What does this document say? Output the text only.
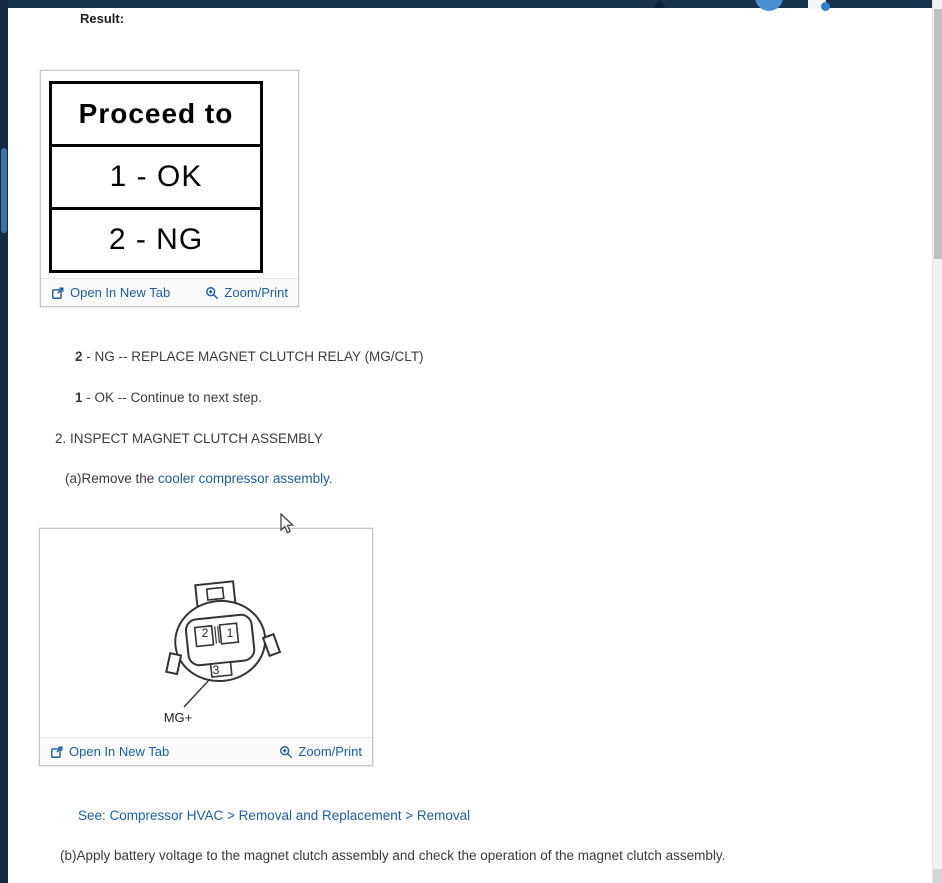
Result:
Proceed to
1 - OK
2 - NG
Open In New Tab	Zoom/Print
2 - NG -- REPLACE MAGNET CLUTCH RELAY (MG/CLT)
1 - OK -- Continue to next step.
2. INSPECT MAGNET CLUTCH ASSEMBLY
(a)Remove the cooler compressor assembly.
2 1
3
MG+
Open In New Tab	Zoom/Print
See: Compressor HVAC > Removal and Replacement > Removal
(b)Apply battery voltage to the magnet clutch assembly and check the operation of the magnet clutch assembly.
